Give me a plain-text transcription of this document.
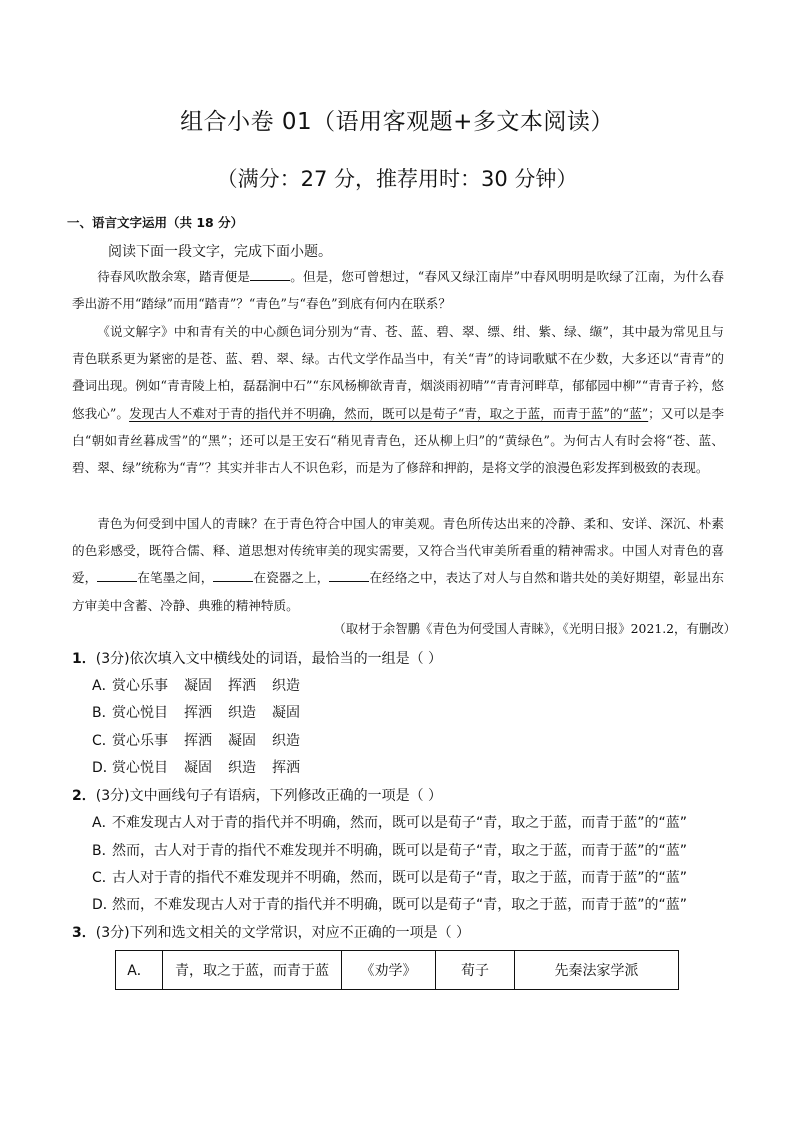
组合小卷 01（语用客观题+多文本阅读）
（满分：27 分，推荐用时：30 分钟）
一、语言文字运用（共 18 分）
阅读下面一段文字，完成下面小题。

待春风吹散余寒，踏青便是	。但是，您可曾想过，“春风又绿江南岸”中春风明明是吹绿了江南，为什么春季出游不用“踏绿”而用“踏青”？“青色”与“春色”到底有何内在联系？

《说文解字》中和青有关的中心颜色词分别为“青、苍、蓝、碧、翠、缥、绀、紫、绿、缬”，其中最为常见且与青色联系更为紧密的是苍、蓝、碧、翠、绿。古代文学作品当中，有关“青”的诗词歌赋不在少数，大多还以“青青”的叠词出现。例如“青青陵上柏，磊磊涧中石”“东风杨柳欲青青，烟淡雨初晴”“青青河畔草，郁郁园中柳”“青青子衿，悠悠我心”。发现古人不难对于青的指代并不明确，然而，既可以是荀子“青，取之于蓝，而青于蓝”的“蓝”；又可以是李白“朝如青丝暮成雪”的“黑”；还可以是王安石“稍见青青色，还从柳上归”的“黄绿色”。为何古人有时会将“苍、蓝、碧、翠、绿”统称为“青”？其实并非古人不识色彩，而是为了修辞和押韵，是将文学的浪漫色彩发挥到极致的表现。

青色为何受到中国人的青睐？在于青色符合中国人的审美观。青色所传达出来的冷静、柔和、安详、深沉、朴素的色彩感受，既符合儒、释、道思想对传统审美的现实需要，又符合当代审美所看重的精神需求。中国人对青色的喜爱，	在笔墨之间，	在瓷器之上，	在经络之中，表达了对人与自然和谐共处的美好期望，彰显出东方审美中含蓄、冷静、典雅的精神特质。

（取材于余智鹏《青色为何受国人青睐》，《光明日报》2021.2，有删改）
1．(3分)依次填入文中横线处的词语，最恰当的一组是（ ）
A．赏心乐事 凝固 挥洒 织造
B．赏心悦目 挥洒 织造 凝固
C．赏心乐事 挥洒 凝固 织造
D．赏心悦目 凝固 织造 挥洒
2．(3分)文中画线句子有语病，下列修改正确的一项是（ ）
A．不难发现古人对于青的指代并不明确，然而，既可以是荀子“青，取之于蓝，而青于蓝”的“蓝”
B．然而，古人对于青的指代不难发现并不明确，既可以是荀子“青，取之于蓝，而青于蓝”的“蓝”
C．古人对于青的指代不难发现并不明确，然而，既可以是荀子“青，取之于蓝，而青于蓝”的“蓝”
D．然而，不难发现古人对于青的指代并不明确，既可以是荀子“青，取之于蓝，而青于蓝”的“蓝”
3．(3分)下列和选文相关的文学常识，对应不正确的一项是（ ）
A．	青，取之于蓝，而青于蓝	《劝学》	荀子	先秦法家学派
